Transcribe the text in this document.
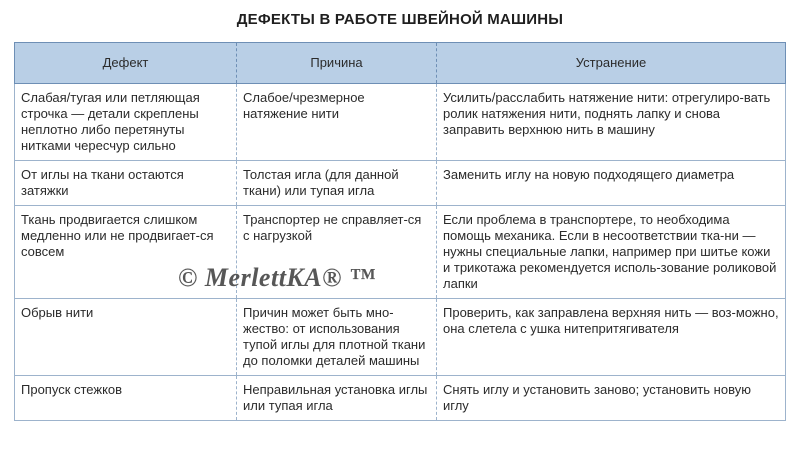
ДЕФЕКТЫ В РАБОТЕ ШВЕЙНОЙ МАШИНЫ
Дефект	Причина	Устранение
Слабая/тугая или петляющая строчка — детали скреплены неплотно либо перетянуты нитками чересчур сильно	Слабое/чрезмерное натяжение нити	Усилить/расслабить натяжение нити: отрегулиро-вать ролик натяжения нити, поднять лапку и снова заправить верхнюю нить в машину
От иглы на ткани остаются затяжки	Толстая игла (для данной ткани) или тупая игла	Заменить иглу на новую подходящего диаметра
Ткань продвигается слишком медленно или не продвигает-ся совсем	Транспортер не справляет-ся с нагрузкой	Если проблема в транспортере, то необходима помощь механика. Если в несоответствии тка-ни — нужны специальные лапки, например при шитье кожи и трикотажа рекомендуется исполь-зование роликовой лапки
Обрыв нити	Причин может быть мно-жество: от использования тупой иглы для плотной ткани до поломки деталей машины	Проверить, как заправлена верхняя нить — воз-можно, она слетела с ушка нитепритягивателя
Пропуск стежков	Неправильная установка иглы или тупая игла	Снять иглу и установить заново; установить новую иглу
© MerlettKA® ™
